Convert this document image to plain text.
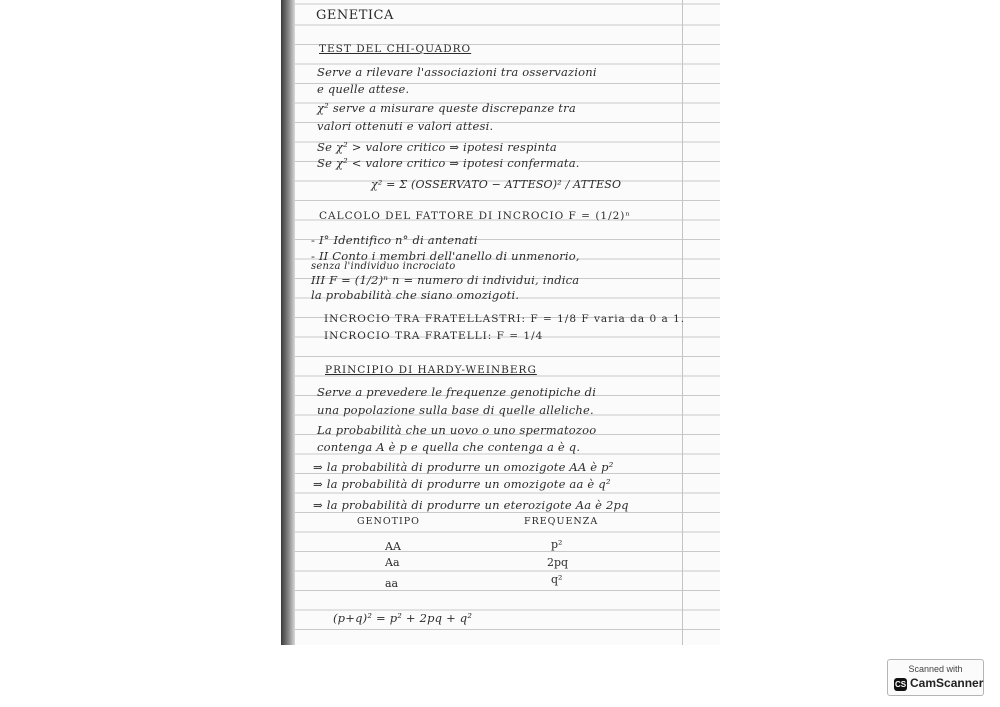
GENETICA
TEST DEL CHI-QUADRO
Serve a rilevare l'associazioni tra osservazioni
e quelle attese.
χ² serve a misurare queste discrepanze tra
valori ottenuti e valori attesi.
Se χ² > valore critico ⇒ ipotesi respinta
Se χ² < valore critico ⇒ ipotesi confermata.
χ² = Σ (OSSERVATO − ATTESO)² / ATTESO
CALCOLO DEL FATTORE DI INCROCIO F = (1/2)ⁿ
- I° Identifico n° di antenati
- II Conto i membri dell'anello di unmenorio,
senza l'individuo incrociato
III F = (1/2)ⁿ n = numero di individui, indica
la probabilità che siano omozigoti.
INCROCIO TRA FRATELLASTRI: F = 1/8 F varia da 0 a 1.
INCROCIO TRA FRATELLI: F = 1/4
PRINCIPIO DI HARDY-WEINBERG
Serve a prevedere le frequenze genotipiche di
una popolazione sulla base di quelle alleliche.
La probabilità che un uovo o uno spermatozoo
contenga A è p e quella che contenga a è q.
⇒ la probabilità di produrre un omozigote AA è p²
⇒ la probabilità di produrre un omozigote aa è q²
⇒ la probabilità di produrre un eterozigote Aa è 2pq
GENOTIPO	FREQUENZA
AA	p²
Aa	2pq
aa	q²
(p+q)² = p² + 2pq + q²
Scanned with
CS CamScanner
